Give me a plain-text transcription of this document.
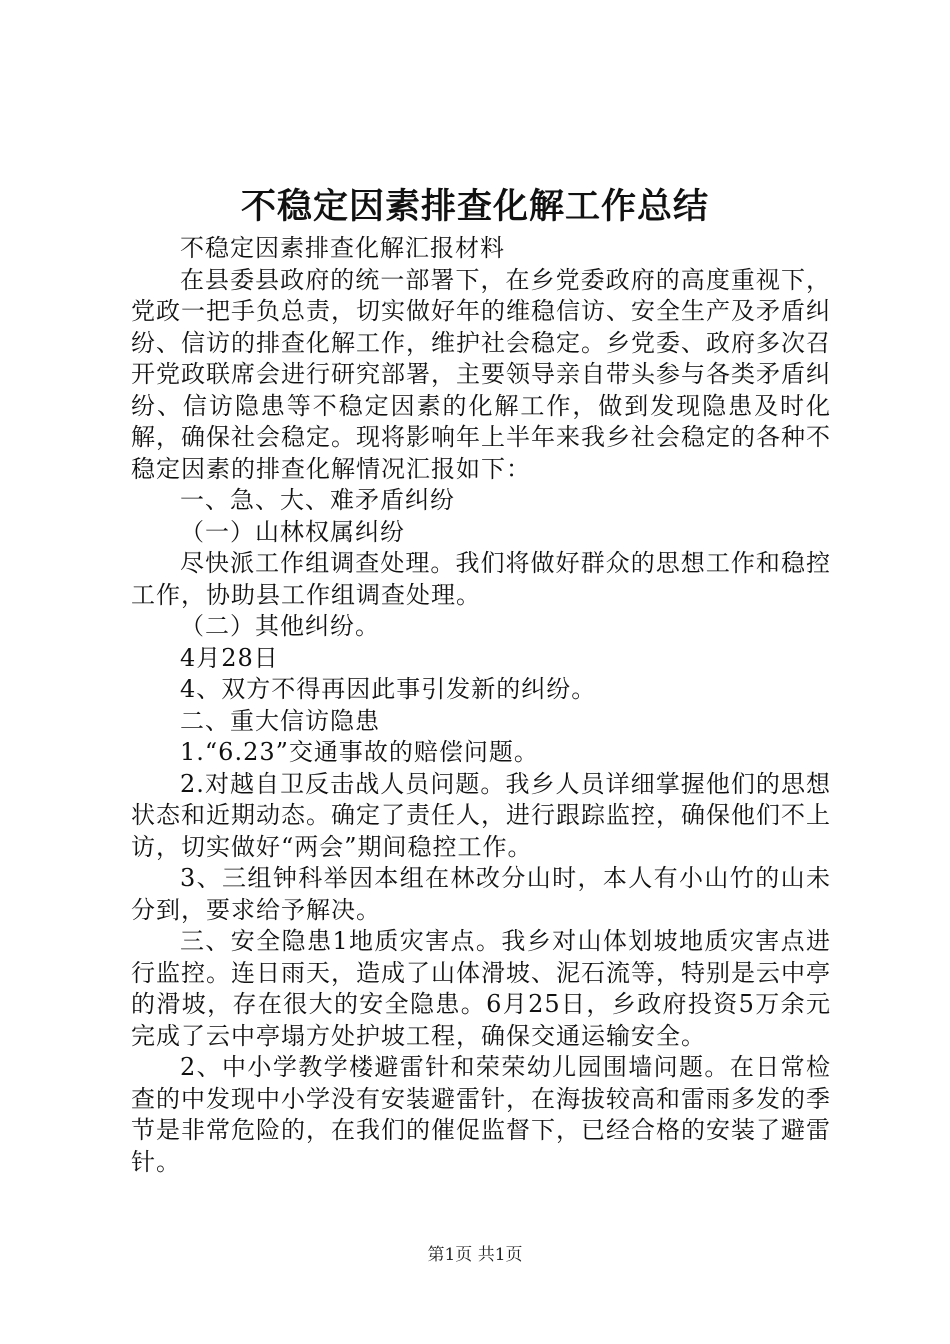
不稳定因素排查化解工作总结

不稳定因素排查化解汇报材料

在县委县政府的统一部署下，在乡党委政府的高度重视下，党政一把手负总责，切实做好年的维稳信访、安全生产及矛盾纠纷、信访的排查化解工作，维护社会稳定。乡党委、政府多次召开党政联席会进行研究部署，主要领导亲自带头参与各类矛盾纠纷、信访隐患等不稳定因素的化解工作，做到发现隐患及时化解，确保社会稳定。现将影响年上半年来我乡社会稳定的各种不稳定因素的排查化解情况汇报如下：

一、急、大、难矛盾纠纷

（一）山林权属纠纷

尽快派工作组调查处理。我们将做好群众的思想工作和稳控工作，协助县工作组调查处理。

（二）其他纠纷。

4月28日

4、双方不得再因此事引发新的纠纷。

二、重大信访隐患

1.“6.23”交通事故的赔偿问题。

2.对越自卫反击战人员问题。我乡人员详细掌握他们的思想状态和近期动态。确定了责任人，进行跟踪监控，确保他们不上访，切实做好“两会”期间稳控工作。

3、三组钟科举因本组在林改分山时，本人有小山竹的山未分到，要求给予解决。

三、安全隐患1地质灾害点。我乡对山体划坡地质灾害点进行监控。连日雨天，造成了山体滑坡、泥石流等，特别是云中亭的滑坡，存在很大的安全隐患。6月25日，乡政府投资5万余元完成了云中亭塌方处护坡工程，确保交通运输安全。

2、中小学教学楼避雷针和荣荣幼儿园围墙问题。在日常检查的中发现中小学没有安装避雷针，在海拔较高和雷雨多发的季节是非常危险的，在我们的催促监督下，已经合格的安装了避雷针。

第1页 共1页
